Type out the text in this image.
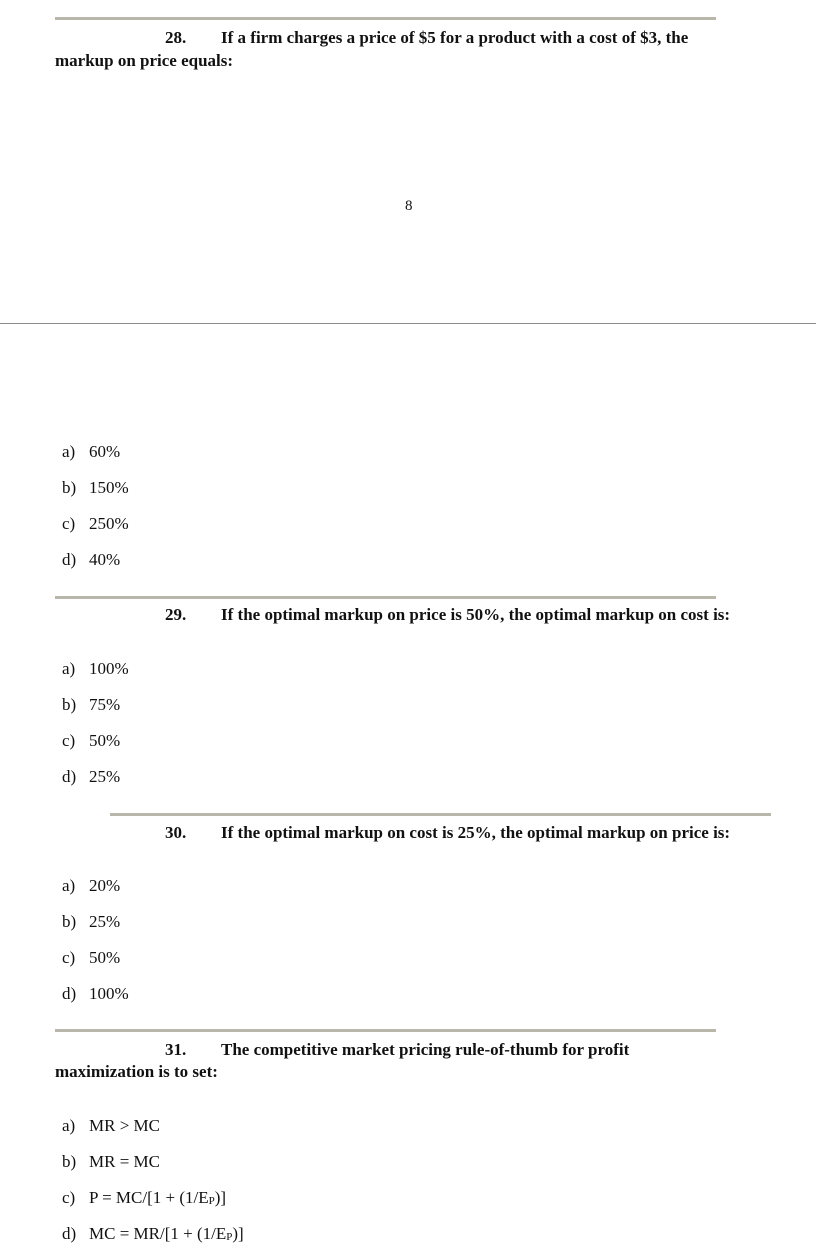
28. If a firm charges a price of $5 for a product with a cost of $3, the
markup on price equals:
8
a) 60%
b) 150%
c) 250%
d) 40%
29. If the optimal markup on price is 50%, the optimal markup on cost is:
a) 100%
b) 75%
c) 50%
d) 25%
30. If the optimal markup on cost is 25%, the optimal markup on price is:
a) 20%
b) 25%
c) 50%
d) 100%
31. The competitive market pricing rule-of-thumb for profit
maximization is to set:
a) MR > MC
b) MR = MC
c) $P = MC/[1 + (1/E_P)]$
d) MC = $MR/[1 + (1/E_P)]$
